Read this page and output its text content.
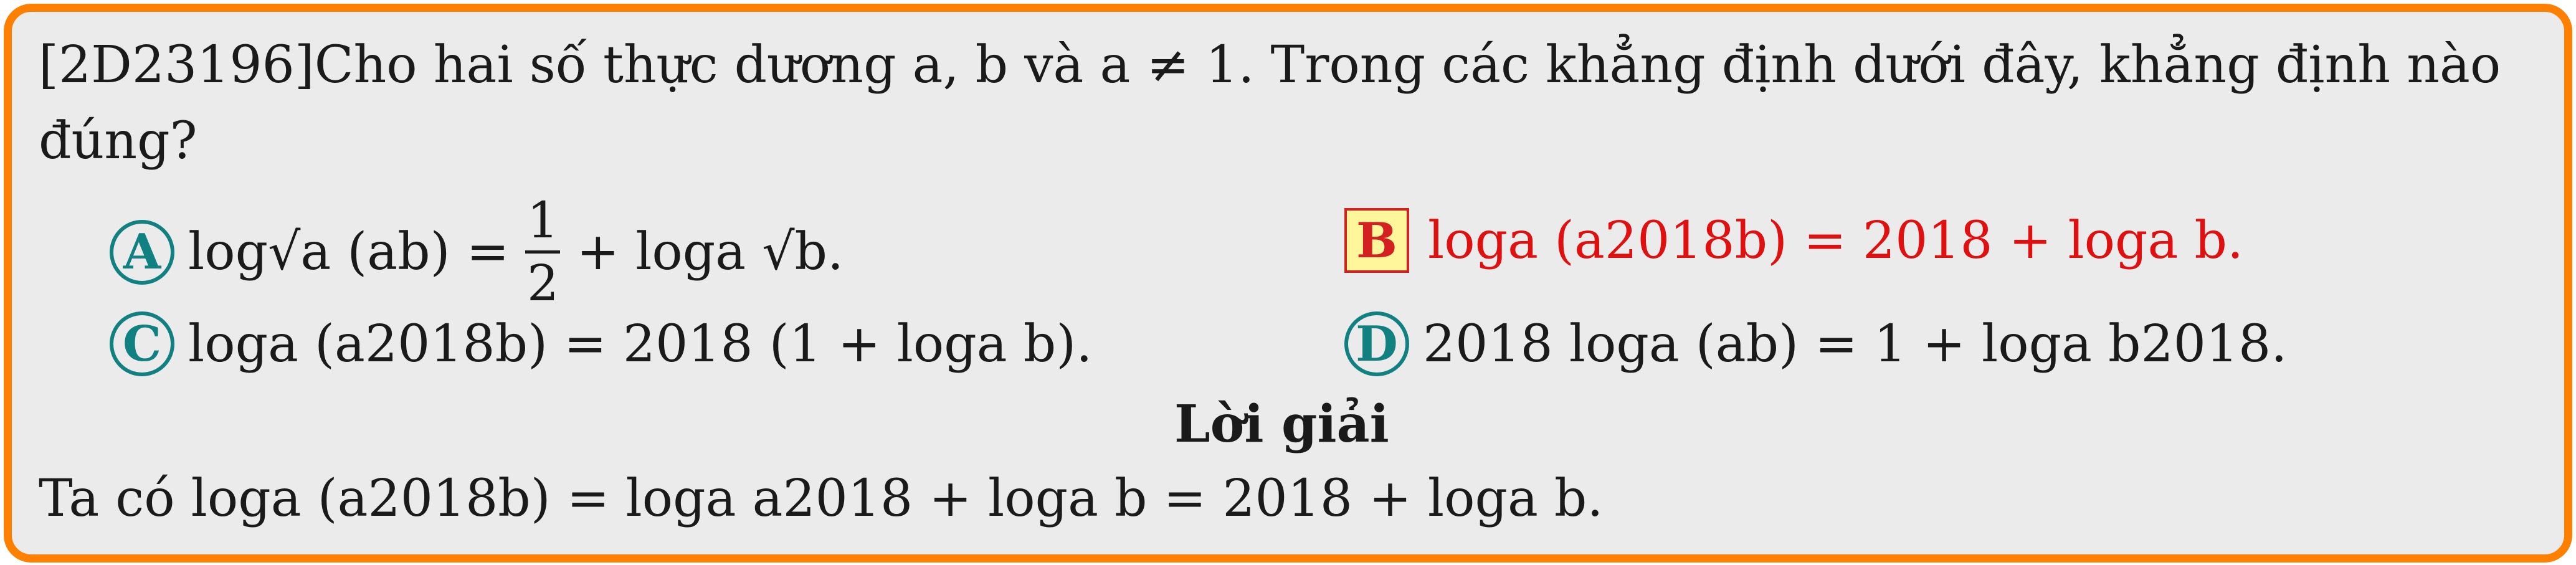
[2D23196]Cho hai số thực dương a, b và a ≠ 1. Trong các khẳng định dưới đây, khẳng định nào
đúng?
A log√a (ab) =
1
2
+ loga √b.	B loga (a2018b) = 2018 + loga b.
C loga (a2018b) = 2018 (1 + loga b).	D 2018 loga (ab) = 1 + loga b2018.
Lời giải
Ta có loga (a2018b) = loga a2018 + loga b = 2018 + loga b.
